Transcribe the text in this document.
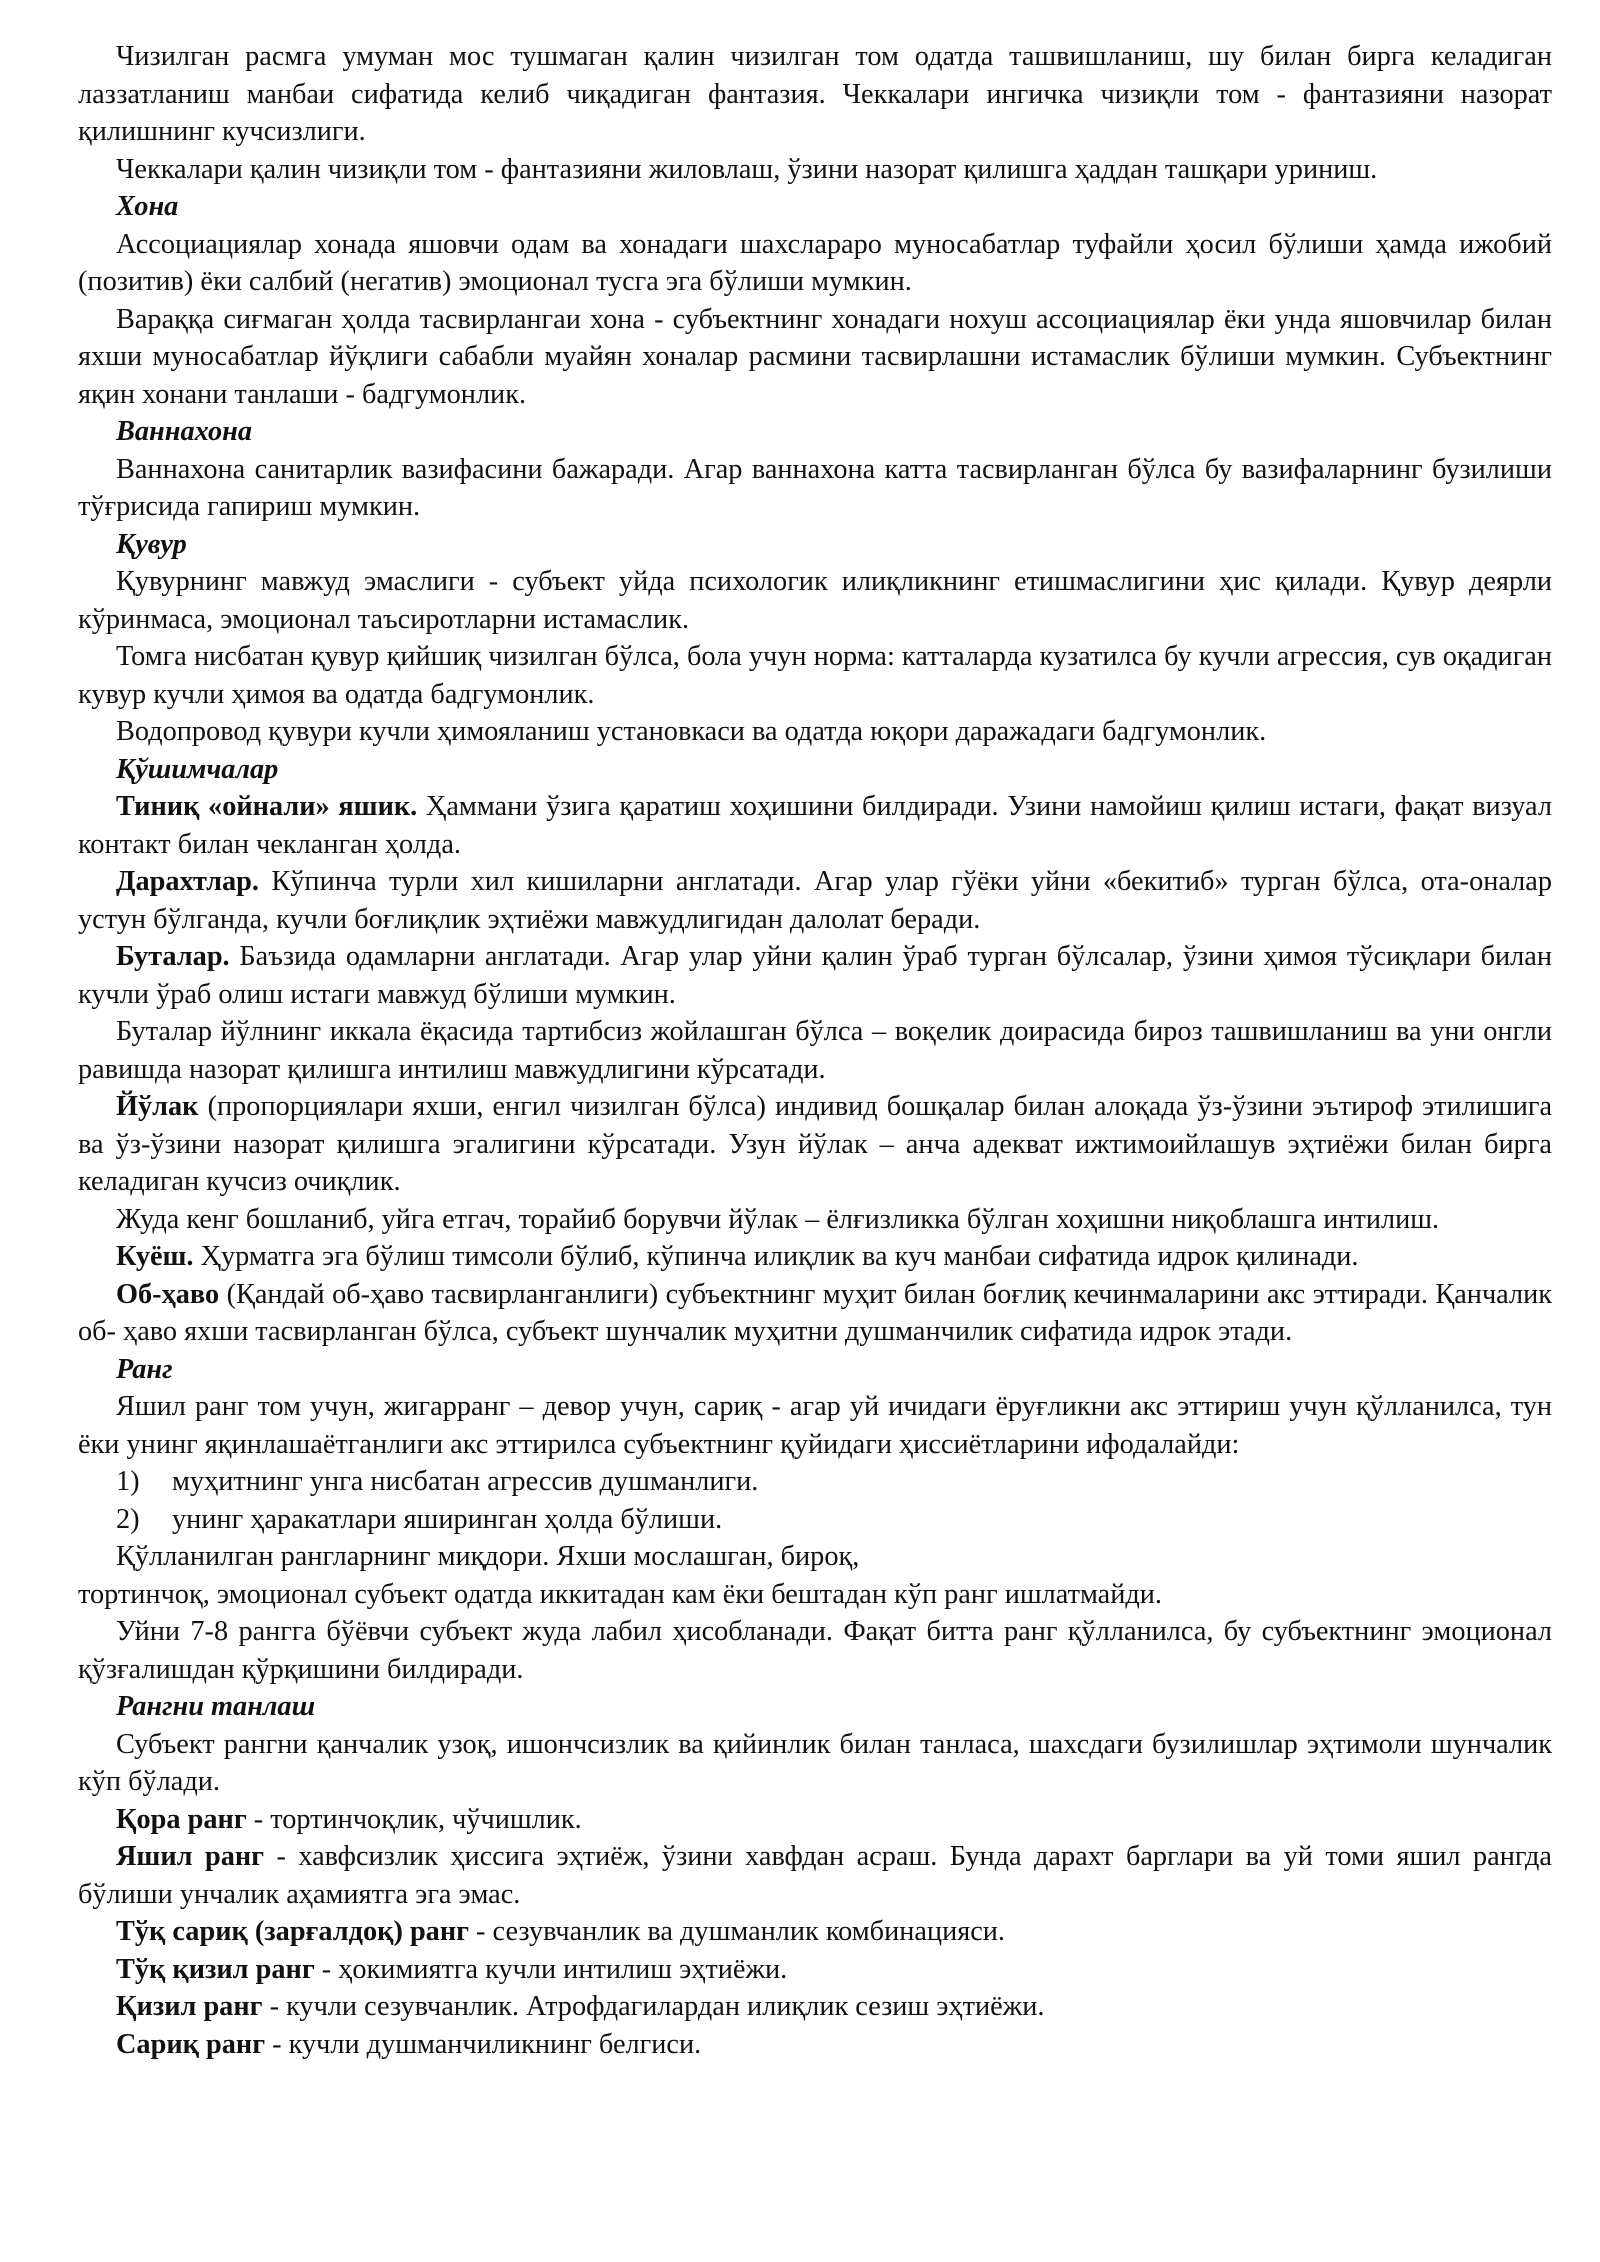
Чизилган расмга умуман мос тушмаган қалин чизилган том одатда ташвишланиш, шу билан бирга келадиган лаззатланиш манбаи сифатида келиб чиқадиган фантазия. Чеккалари ингичка чизиқли том - фантазияни назорат қилишнинг кучсизлиги.

Чеккалари қалин чизиқли том - фантазияни жиловлаш, ўзини назорат қилишга ҳаддан ташқари уриниш.

Хона

Ассоциациялар хонада яшовчи одам ва хонадаги шахслараро муносабатлар туфайли ҳосил бўлиши ҳамда ижобий (позитив) ёки салбий (негатив) эмоционал тусга эга бўлиши мумкин.

Вараққа сиғмаган ҳолда тасвирлангаи хона - субъектнинг хонадаги нохуш ассоциациялар ёки унда яшовчилар билан яхши муносабатлар йўқлиги сабабли муайян хоналар расмини тасвирлашни истамаслик бўлиши мумкин. Субъектнинг яқин хонани танлаши - бадгумонлик.

Ваннахона

Ваннахона санитарлик вазифасини бажаради. Агар ваннахона катта тасвирланган бўлса бу вазифаларнинг бузилиши тўғрисида гапириш мумкин.

Қувур

Қувурнинг мавжуд эмаслиги - субъект уйда психологик илиқликнинг етишмаслигини ҳис қилади. Қувур деярли кўринмаса, эмоционал таъсиротларни истамаслик.

Томга нисбатан қувур қийшиқ чизилган бўлса, бола учун норма: катталарда кузатилса бу кучли агрессия, сув оқадиган кувур кучли ҳимоя ва одатда бадгумонлик.

Водопровод қувури кучли ҳимояланиш установкаси ва одатда юқори даражадаги бадгумонлик.

Қўшимчалар

Тиниқ «ойнали» яшик. Ҳаммани ўзига қаратиш хоҳишини билдиради. Узини намойиш қилиш истаги, фақат визуал контакт билан чекланган ҳолда.

Дарахтлар. Кўпинча турли хил кишиларни англатади. Агар улар гўёки уйни «бекитиб» турган бўлса, ота-оналар устун бўлганда, кучли боғлиқлик эҳтиёжи мавжудлигидан далолат беради.

Буталар. Баъзида одамларни англатади. Агар улар уйни қалин ўраб турган бўлсалар, ўзини ҳимоя тўсиқлари билан кучли ўраб олиш истаги мавжуд бўлиши мумкин.

Буталар йўлнинг иккала ёқасида тартибсиз жойлашган бўлса – воқелик доирасида бироз ташвишланиш ва уни онгли равишда назорат қилишга интилиш мавжудлигини кўрсатади.

Йўлак (пропорциялари яхши, енгил чизилган бўлса) индивид бошқалар билан алоқада ўз-ўзини эътироф этилишига ва ўз-ўзини назорат қилишга эгалигини кўрсатади. Узун йўлак – анча адекват ижтимоийлашув эҳтиёжи билан бирга келадиган кучсиз очиқлик.

Жуда кенг бошланиб, уйга етгач, торайиб борувчи йўлак – ёлғизликка бўлган хоҳишни ниқоблашга интилиш.

Куёш. Ҳурматга эга бўлиш тимсоли бўлиб, кўпинча илиқлик ва куч манбаи сифатида идрок қилинади.

Об-ҳаво (Қандай об-ҳаво тасвирланганлиги) субъектнинг муҳит билан боғлиқ кечинмаларини акс эттиради. Қанчалик об- ҳаво яхши тасвирланган бўлса, субъект шунчалик муҳитни душманчилик сифатида идрок этади.

Ранг

Яшил ранг том учун, жигарранг – девор учун, сариқ - агар уй ичидаги ёруғликни акс эттириш учун қўлланилса, тун ёки унинг яқинлашаётганлиги акс эттирилса субъектнинг қуйидаги ҳиссиётларини ифодалайди:

1)	муҳитнинг унга нисбатан агрессив душманлиги.
2)	унинг ҳаракатлари яширинган ҳолда бўлиши.

Қўлланилган рангларнинг миқдори. Яхши мослашган, бироқ,

тортинчоқ, эмоционал субъект одатда иккитадан кам ёки бештадан кўп ранг ишлатмайди.

Уйни 7-8 рангга бўёвчи субъект жуда лабил ҳисобланади. Фақат битта ранг қўлланилса, бу субъектнинг эмоционал қўзғалишдан қўрқишини билдиради.

Рангни танлаш

Субъект рангни қанчалик узоқ, ишончсизлик ва қийинлик билан танласа, шахсдаги бузилишлар эҳтимоли шунчалик кўп бўлади.

Қора ранг - тортинчоқлик, чўчишлик.

Яшил ранг - хавфсизлик ҳиссига эҳтиёж, ўзини хавфдан асраш. Бунда дарахт барглари ва уй томи яшил рангда бўлиши унчалик аҳамиятга эга эмас.

Тўқ сариқ (зарғалдоқ) ранг - сезувчанлик ва душманлик комбинацияси.

Тўқ қизил ранг - ҳокимиятга кучли интилиш эҳтиёжи.

Қизил ранг - кучли сезувчанлик. Атрофдагилардан илиқлик сезиш эҳтиёжи.

Сариқ ранг - кучли душманчиликнинг белгиси.
